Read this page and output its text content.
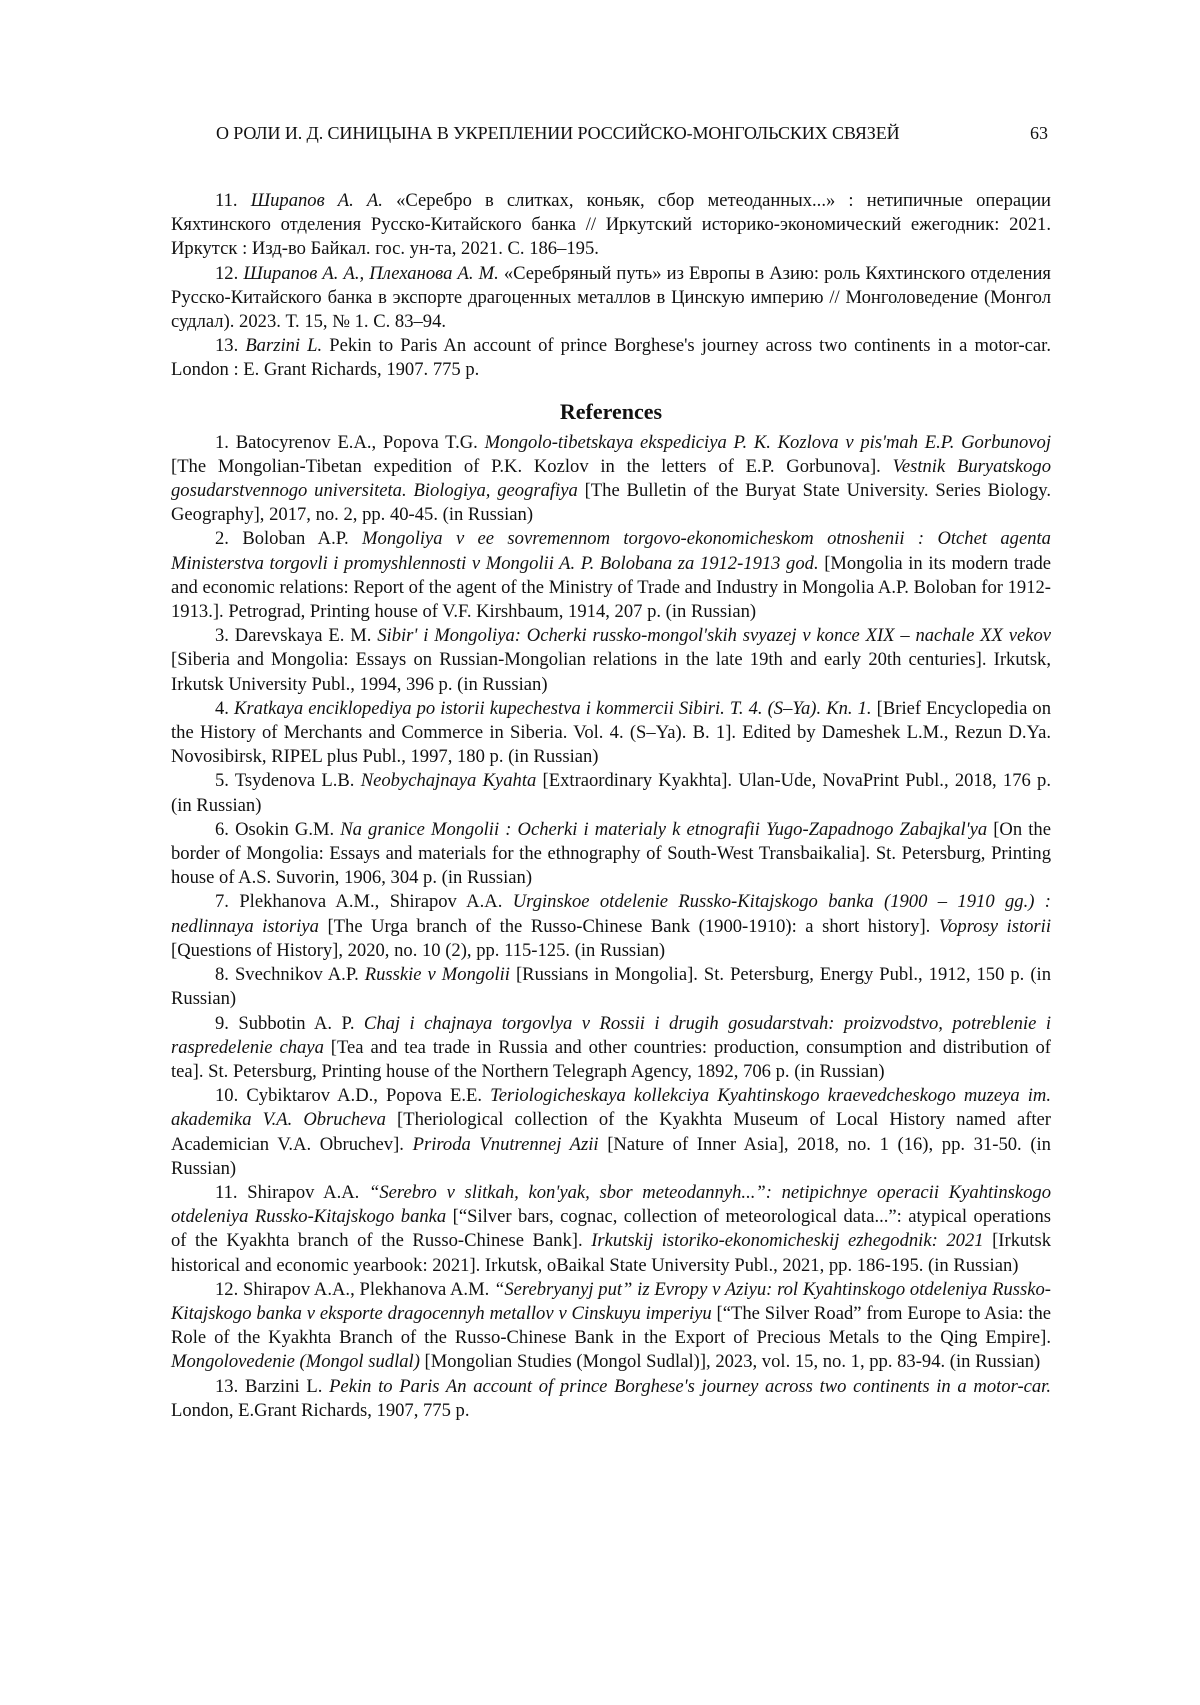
О РОЛИ И. Д. СИНИЦЫНА В УКРЕПЛЕНИИ РОССИЙСКО-МОНГОЛЬСКИХ СВЯЗЕЙ	63

11. Ширапов А. А. «Серебро в слитках, коньяк, сбор метеоданных...» : нетипичные операции Кяхтинского отделения Русско-Китайского банка // Иркутский историко-экономический ежегодник: 2021. Иркутск : Изд-во Байкал. гос. ун-та, 2021. С. 186–195.

12. Ширапов А. А., Плеханова А. М. «Серебряный путь» из Европы в Азию: роль Кяхтинского отделения Русско-Китайского банка в экспорте драгоценных металлов в Цинскую империю // Монголоведение (Монгол судлал). 2023. Т. 15, № 1. С. 83–94.

13. Barzini L. Pekin to Paris An account of prince Borghese's journey across two continents in a motor-car. London : E. Grant Richards, 1907. 775 p.

References

1. Batocyrenov E.A., Popova T.G. Mongolo-tibetskaya ekspediciya P. K. Kozlova v pis'mah E.P. Gorbunovoj [The Mongolian-Tibetan expedition of P.K. Kozlov in the letters of E.P. Gorbunova]. Vestnik Buryatskogo gosudarstvennogo universiteta. Biologiya, geografiya [The Bulletin of the Buryat State University. Series Biology. Geography], 2017, no. 2, pp. 40-45. (in Russian)

2. Boloban A.P. Mongoliya v ee sovremennom torgovo-ekonomicheskom otnoshenii : Otchet agenta Ministerstva torgovli i promyshlennosti v Mongolii A. P. Bolobana za 1912-1913 god. [Mongolia in its modern trade and economic relations: Report of the agent of the Ministry of Trade and Industry in Mongolia A.P. Boloban for 1912-1913.]. Petrograd, Printing house of V.F. Kirshbaum, 1914, 207 p. (in Russian)

3. Darevskaya E. M. Sibir' i Mongoliya: Ocherki russko-mongol'skih svyazej v konce XIX – nachale XX vekov [Siberia and Mongolia: Essays on Russian-Mongolian relations in the late 19th and early 20th centuries]. Irkutsk, Irkutsk University Publ., 1994, 396 p. (in Russian)

4. Kratkaya enciklopediya po istorii kupechestva i kommercii Sibiri. T. 4. (S–Ya). Kn. 1. [Brief Encyclopedia on the History of Merchants and Commerce in Siberia. Vol. 4. (S–Ya). B. 1]. Edited by Dameshek L.M., Rezun D.Ya. Novosibirsk, RIPEL plus Publ., 1997, 180 p. (in Russian)

5. Tsydenova L.B. Neobychajnaya Kyahta [Extraordinary Kyakhta]. Ulan-Ude, NovaPrint Publ., 2018, 176 p. (in Russian)

6. Osokin G.M. Na granice Mongolii : Ocherki i materialy k etnografii Yugo-Zapadnogo Zabajkal'ya [On the border of Mongolia: Essays and materials for the ethnography of South-West Transbaikalia]. St. Petersburg, Printing house of A.S. Suvorin, 1906, 304 p. (in Russian)

7. Plekhanova A.M., Shirapov A.A. Urginskoe otdelenie Russko-Kitajskogo banka (1900 – 1910 gg.) : nedlinnaya istoriya [The Urga branch of the Russo-Chinese Bank (1900-1910): a short history]. Voprosy istorii [Questions of History], 2020, no. 10 (2), pp. 115-125. (in Russian)

8. Svechnikov A.P. Russkie v Mongolii [Russians in Mongolia]. St. Petersburg, Energy Publ., 1912, 150 p. (in Russian)

9. Subbotin A. P. Chaj i chajnaya torgovlya v Rossii i drugih gosudarstvah: proizvodstvo, potreblenie i raspredelenie chaya [Tea and tea trade in Russia and other countries: production, consumption and distribution of tea]. St. Petersburg, Printing house of the Northern Telegraph Agency, 1892, 706 p. (in Russian)

10. Cybiktarov A.D., Popova E.E. Teriologicheskaya kollekciya Kyahtinskogo kraevedcheskogo muzeya im. akademika V.A. Obrucheva [Theriological collection of the Kyakhta Museum of Local History named after Academician V.A. Obruchev]. Priroda Vnutrennej Azii [Nature of Inner Asia], 2018, no. 1 (16), pp. 31-50. (in Russian)

11. Shirapov A.A. “Serebro v slitkah, kon'yak, sbor meteodannyh...”: netipichnye operacii Kyahtinskogo otdeleniya Russko-Kitajskogo banka [“Silver bars, cognac, collection of meteorological data...”: atypical operations of the Kyakhta branch of the Russo-Chinese Bank]. Irkutskij istoriko-ekonomicheskij ezhegodnik: 2021 [Irkutsk historical and economic yearbook: 2021]. Irkutsk, oBaikal State University Publ., 2021, pp. 186-195. (in Russian)

12. Shirapov A.A., Plekhanova A.M. “Serebryanyj put” iz Evropy v Aziyu: rol Kyahtinskogo otdeleniya Russko-Kitajskogo banka v eksporte dragocennyh metallov v Cinskuyu imperiyu [“The Silver Road” from Europe to Asia: the Role of the Kyakhta Branch of the Russo-Chinese Bank in the Export of Precious Metals to the Qing Empire]. Mongolovedenie (Mongol sudlal) [Mongolian Studies (Mongol Sudlal)], 2023, vol. 15, no. 1, pp. 83-94. (in Russian)

13. Barzini L. Pekin to Paris An account of prince Borghese's journey across two continents in a motor-car. London, E.Grant Richards, 1907, 775 p.
